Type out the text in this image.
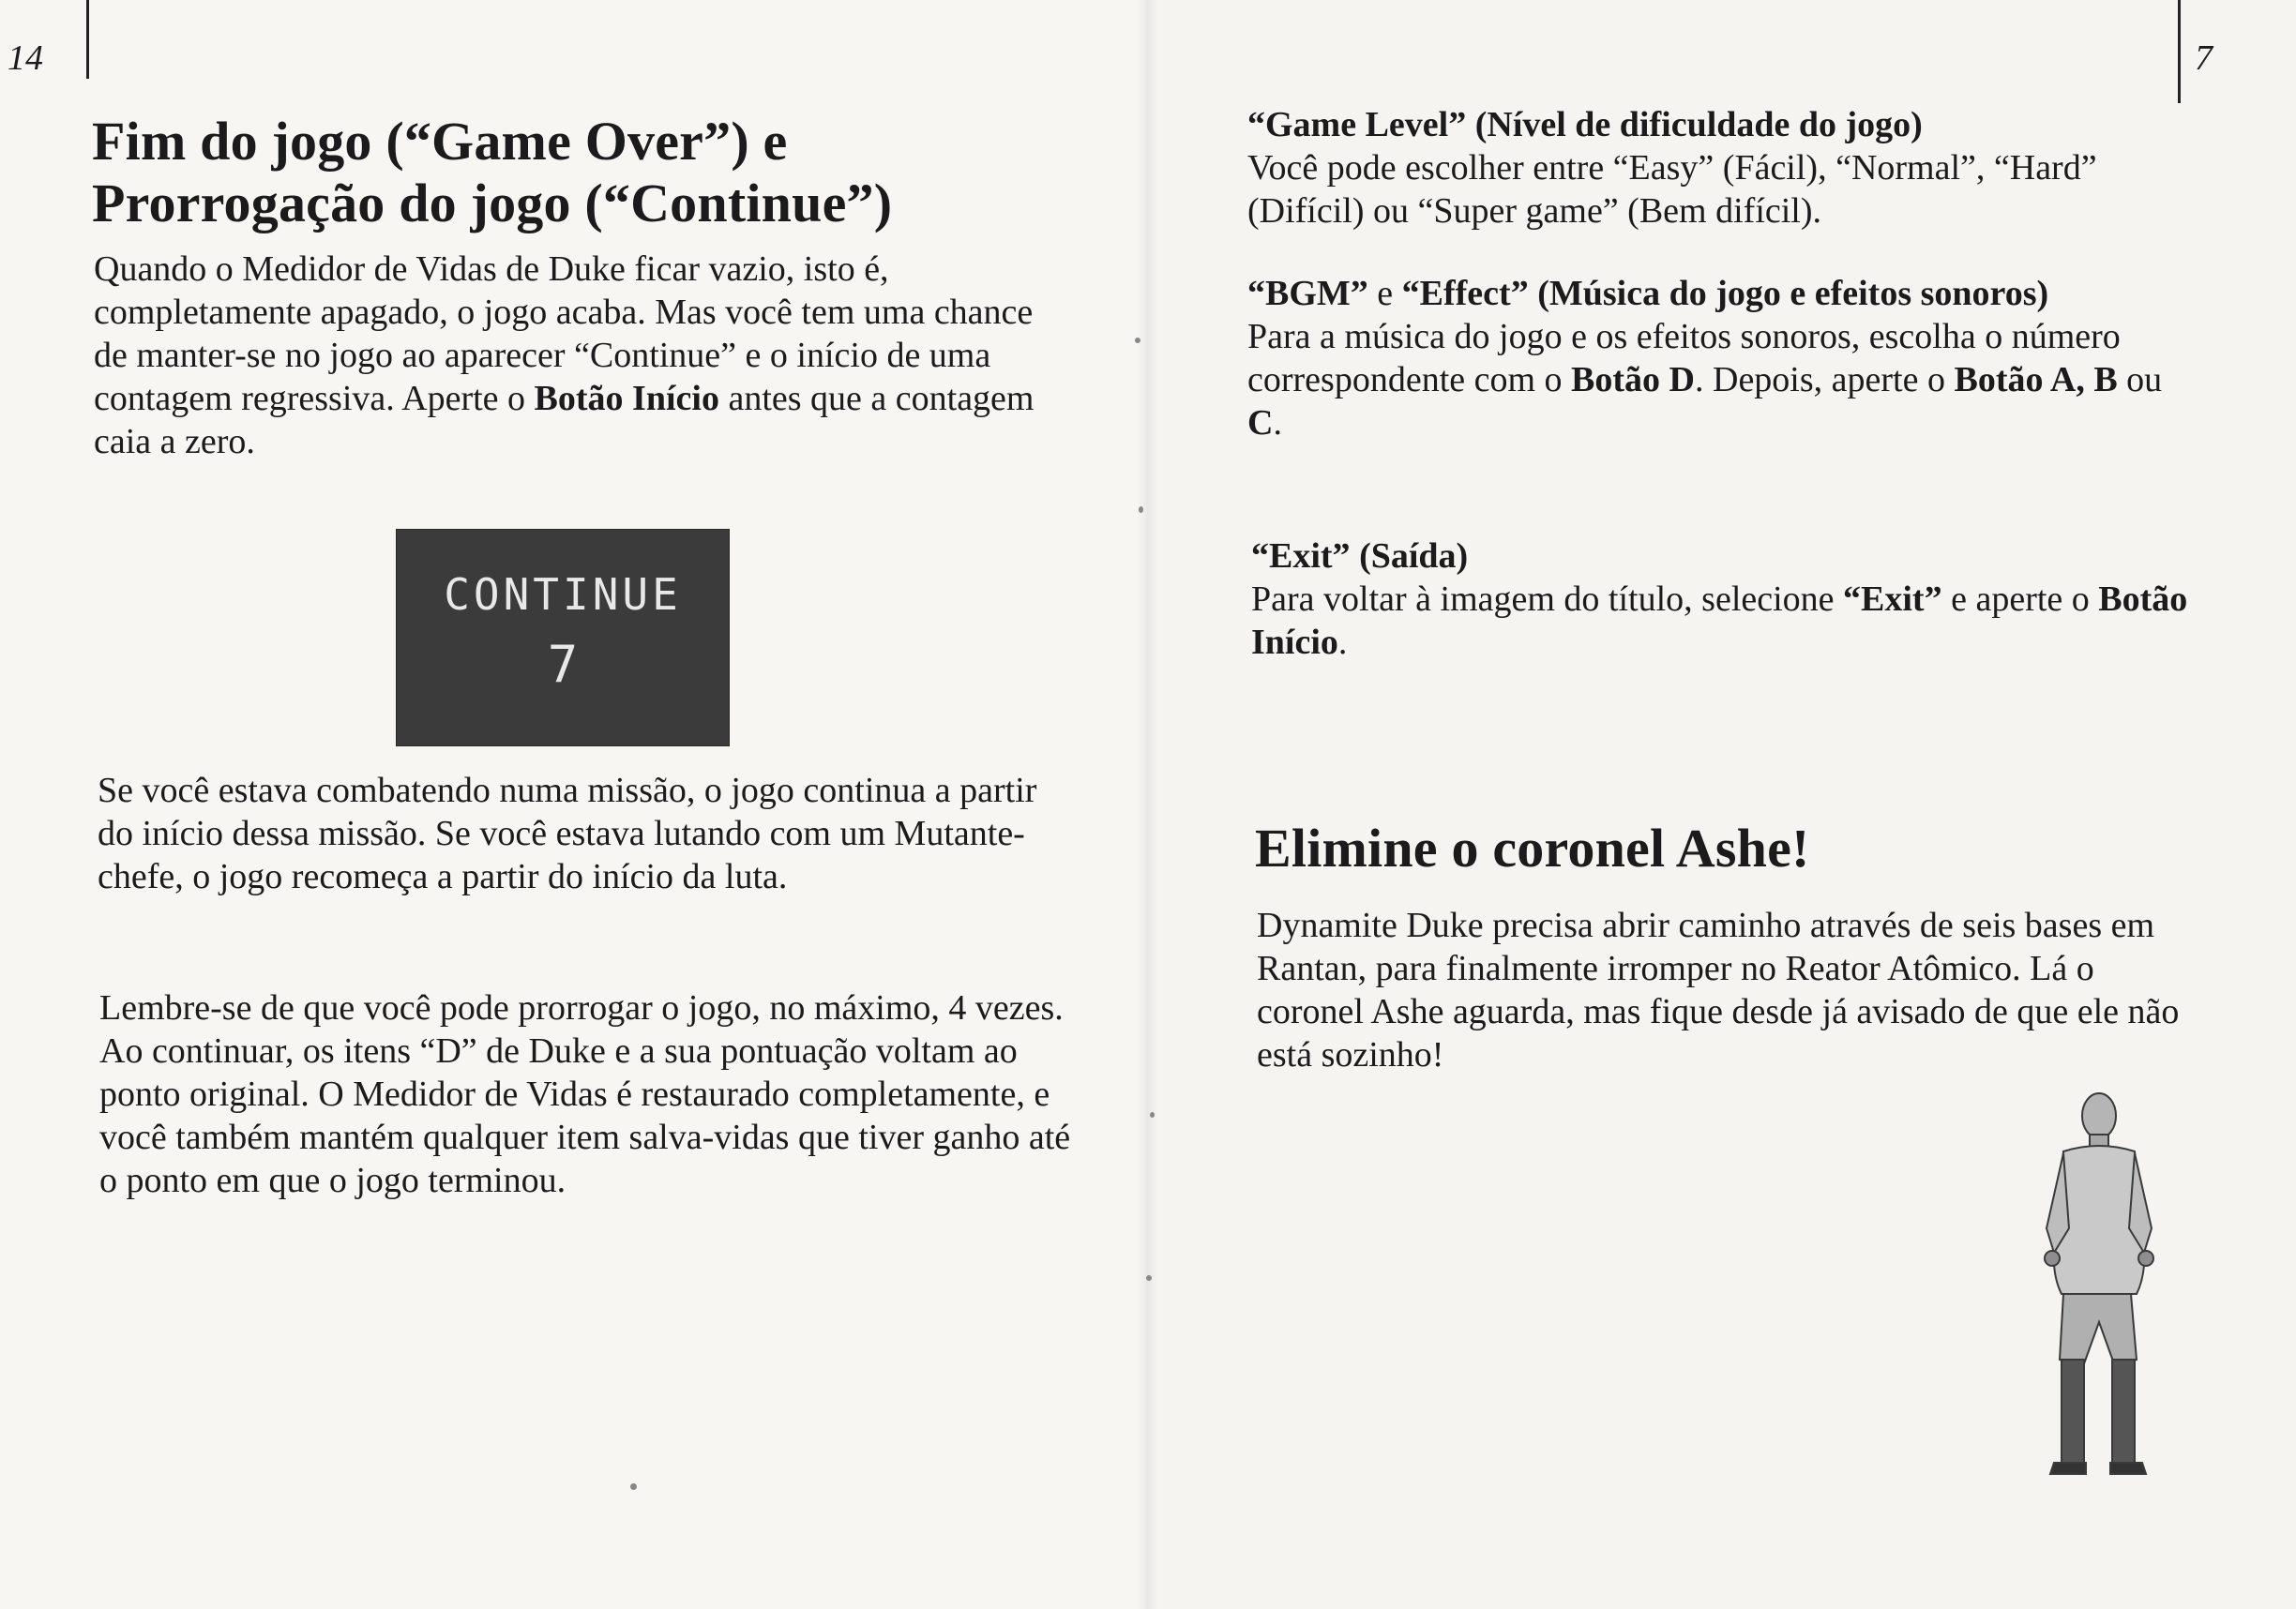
14	7
Fim do jogo (“Game Over”) e
Prorrogação do jogo (“Continue”)

Quando o Medidor de Vidas de Duke ficar vazio, isto é, completamente apagado, o jogo acaba. Mas você tem uma chance de manter-se no jogo ao aparecer “Continue” e o início de uma contagem regressiva. Aperte o Botão Início antes que a contagem caia a zero.

CONTINUE
7

Se você estava combatendo numa missão, o jogo continua a partir do início dessa missão. Se você estava lutando com um Mutante-chefe, o jogo recomeça a partir do início da luta.

Lembre-se de que você pode prorrogar o jogo, no máximo, 4 vezes. Ao continuar, os itens “D” de Duke e a sua pontuação voltam ao ponto original. O Medidor de Vidas é restaurado completamente, e você também mantém qualquer item salva-vidas que tiver ganho até o ponto em que o jogo terminou.

“Game Level” (Nível de dificuldade do jogo)

Você pode escolher entre “Easy” (Fácil), “Normal”, “Hard” (Difícil) ou “Super game” (Bem difícil).

“BGM” e “Effect” (Música do jogo e efeitos sonoros)

Para a música do jogo e os efeitos sonoros, escolha o número correspondente com o Botão D. Depois, aperte o Botão A, B ou C.

“Exit” (Saída)

Para voltar à imagem do título, selecione “Exit” e aperte o Botão Início.

Elimine o coronel Ashe!

Dynamite Duke precisa abrir caminho através de seis bases em Rantan, para finalmente irromper no Reator Atômico. Lá o coronel Ashe aguarda, mas fique desde já avisado de que ele não está sozinho!
